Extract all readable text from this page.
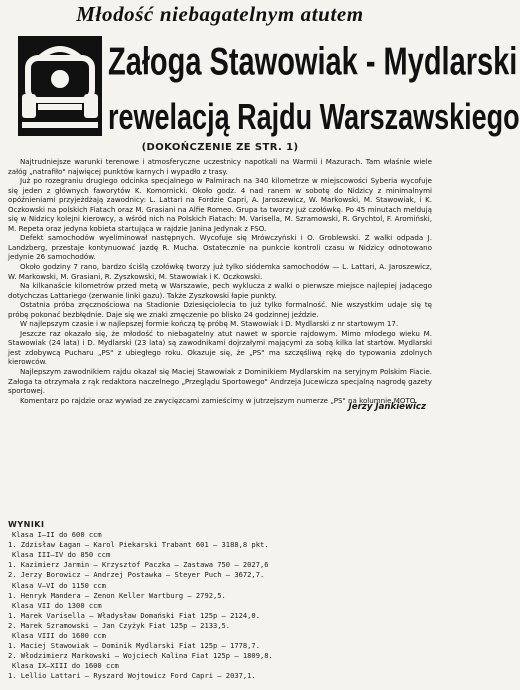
Młodość niebagatelnym atutem
Załoga Stawowiak - Mydlarski
rewelacją Rajdu Warszawskiego
(DOKOŃCZENIE ZE STR. 1)

Najtrudniejsze warunki terenowe i atmosferyczne uczestnicy napotkali na Warmii i Mazurach. Tam właśnie wiele załóg „natrafiło" najwięcej punktów karnych i wypadło z trasy.

Już po rozegraniu drugiego odcinka specjalnego w Palmirach na 340 kilometrze w miejscowości Syberia wycofuje się jeden z głównych faworytów K. Komornicki. Około godz. 4 nad ranem w sobotę do Nidzicy z minimalnymi opóźnieniami przyjeżdżają zawodnicy: L. Lattari na Fordzie Capri, A. Jaroszewicz, W. Markowski, M. Stawowiak, i K. Oczkowski na polskich Fiatach oraz M. Grasiani na Alfie Romeo. Grupa ta tworzy już czołówkę. Po 45 minutach meldują się w Nidzicy kolejni kierowcy, a wśród nich na Polskich Fiatach: M. Varisella, M. Szramowski, R. Grychtol, F. Aromiński, M. Repeta oraz jedyna kobieta startująca w rajdzie Janina Jedynak z FSO.

Defekt samochodów wyeliminował następnych. Wycofuje się Mrówczyński i O. Groblewski. Z walki odpada J. Landzberg, przestaje kontynuować jazdę R. Mucha. Ostatecznie na punkcie kontroli czasu w Nidzicy odnotowano jedynie 26 samochodów.

Około godziny 7 rano, bardzo ściślą czołówkę tworzy już tylko siódemka samochodów — L. Lattari, A. Jaroszewicz, W. Markowski, M. Grasiani, R. Zyszkowski, M. Stawowiak i K. Oczkowski.

Na kilkanaście kilometrów przed metą w Warszawie, pech wyklucza z walki o pierwsze miejsce najlepiej jadącego dotychczas Lattariego (zerwanie linki gazu). Także Zyszkowski łapie punkty.

Ostatnia próba zręcznościowa na Stadionie Dziesięciolecia to już tylko formalność. Nie wszystkim udaje się tę próbę pokonać bezbłędnie. Daje się we znaki zmęczenie po blisko 24 godzinnej jeździe.

W najlepszym czasie i w najlepszej formie kończą tę próbę M. Stawowiak i D. Mydlarski z nr startowym 17.

Jeszcze raz okazało się, że młodość to niebagatelny atut nawet w sporcie rajdowym. Mimo młodego wieku M. Stawowiak (24 lata) i D. Mydlarski (23 lata) są zawodnikami dojrzałymi mającymi za sobą kilka lat startów. Mydlarski jest zdobywcą Pucharu „PS" z ubiegłego roku. Okazuje się, że „PS" ma szczęśliwą rękę do typowania zdolnych kierowców.

Najlepszym zawodnikiem rajdu okazał się Maciej Stawowiak z Dominikiem Mydlarskim na seryjnym Polskim Fiacie. Załoga ta otrzymała z rąk redaktora naczelnego „Przeglądu Sportowego" Andrzeja Jucewicza specjalną nagrodę gazety sportowej.

Komentarz po rajdzie oraz wywiad ze zwycięzcami zamieścimy w jutrzejszym numerze „PS" na kolumnie MOTO.

Jerzy Jankiewicz
WYNIKI
Klasa I—II do 600 ccm
1. Zdzisław Łagan — Karol Piekarski Trabant 601 — 3188,8 pkt.
Klasa III—IV do 850 ccm
1. Kazimierz Jarmin — Krzysztof Paczka — Zastawa 750 — 2027,6
2. Jerzy Borowicz — Andrzej Postawka — Steyer Puch — 3672,7.
Klasa V—VI do 1150 ccm
1. Henryk Mandera — Zenon Keller Wartburg — 2792,5.
Klasa VII do 1300 ccm
1. Marek Varisella — Władysław Domański Fiat 125p — 2124,0.
2. Marek Szramowski — Jan Czyżyk Fiat 125p — 2133,5.
Klasa VIII do 1600 ccm
1. Maciej Stawowiak — Dominik Mydlarski Fiat 125p — 1778,7.
2. Włodzimierz Markowski — Wojciech Kalina Fiat 125p — 1809,8.
Klasa IX—XIII do 1600 ccm
1. Lellio Lattari — Ryszard Wojtowicz Ford Capri — 2037,1.
